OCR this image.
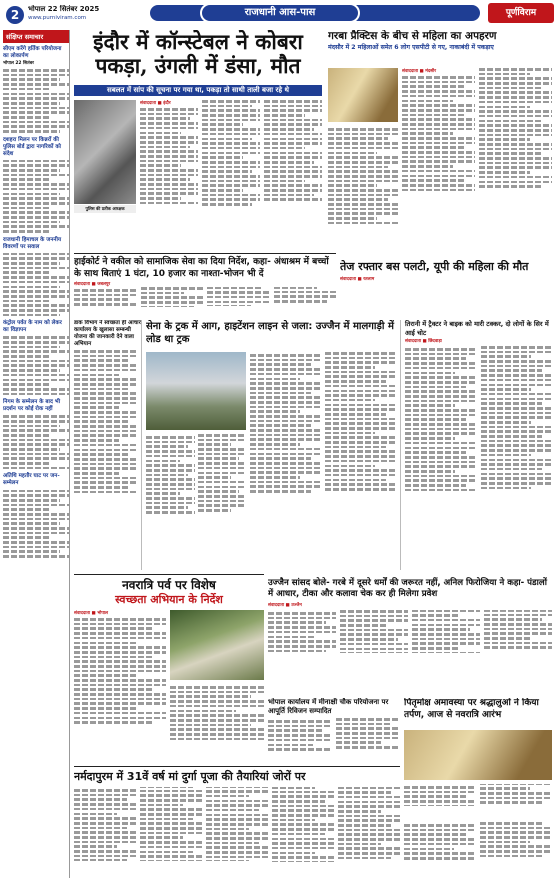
2	भोपाल 22 सितंबर 2025
www.purniviram.com	राजधानी आस-पास	पूर्णविराम
संक्षिप्त समाचार
सीएम करेंगे हर्तिक परियोजना का लोकार्पण
भोपाल 22 सितंबर
दशहरा मिलन पर किन्नरों की पुलिस बोर्ड द्वारा नागरिकों को संदेश
राजधानी हिमाचल के जननीय विवरणों पर सवाल
कंट्रोल पर्वत के नाम को लेकर का विज्ञापन
निगम के सम्मेलन के बाद भी प्रदर्शन पर कोई रोक नहीं
अतिथि महतौर घाट पर जन-सम्मेलन
इंदौर में कॉन्स्टेबल ने कोबरा पकड़ा, उंगली में डंसा, मौत
सबलत में सांप की सूचना पर गया था, पकड़ा तो साथी ताली बजा रहे थे
पुलिस की प्रतीक आरक्षक
संवाददाता ■ इंदौर
गरबा प्रैक्टिस के बीच से महिला का अपहरण
मंदसौर में 2 महिलाओं समेत 6 लोग एसपीटी से गए, नाकाबंदी में पकड़ाए
संवाददाता ■ मंदसौर
हाईकोर्ट ने वकील को सामाजिक सेवा का दिया निर्देश, कहा- अंधाश्रम में बच्चों के साथ बिताएं 1 घंटा, 10 हजार का नाश्ता-भोजन भी दें
संवाददाता ■ जबलपुर
तेज रफ्तार बस पलटी, यूपी की महिला की मौत
संवाददाता ■ रतलाम
डाक विभाग ने स्वच्छता ही आचार कार्यालय के खुलासा सम्बन्धी योजना की जानकारी देने वाला अभियान
सेना के ट्रक में आग, हाइटेंशन लाइन से जला: उज्जैन में मालगाड़ी में लोड था ट्रक
तिरानी में ट्रैक्टर ने बाइक को मारी टक्कर, दो लोगों के सिर में आई चोट
संवाददाता ■ छिंदवाड़ा
नवरात्रि पर्व पर विशेष
स्वच्छता अभियान के निर्देश
संवाददाता ■ भोपाल
उज्जैन सांसद बोले- गरबे में दूसरे धर्मों की जरूरत नहीं, अनिल फिरोजिया ने कहा- पंडालों में आधार, टीका और कलावा चेक कर ही मिलेगा प्रवेश
संवाददाता ■ उज्जैन
भोपाल कार्यालय में मीनाक्षी चौक परियोजना पर आपूर्ति रिविजन सम्पादित
पितृमोक्ष अमावस्या पर श्रद्धालुओं ने किया तर्पण, आज से नवरात्रि आरंभ
नर्मदापुरम में 31वें वर्ष मां दुर्गा पूजा की तैयारियां जोरों पर
